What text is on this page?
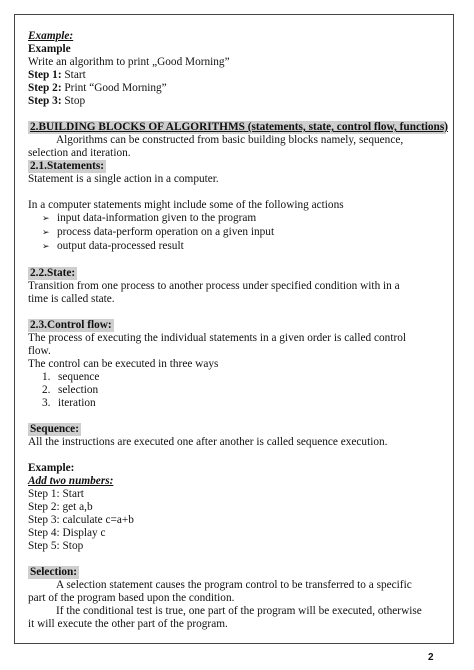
Example:
Example
Write an algorithm to print „Good Morning”
Step 1: Start
Step 2: Print “Good Morning”
Step 3: Stop
2.BUILDING BLOCKS OF ALGORITHMS (statements, state, control flow, functions)
Algorithms can be constructed from basic building blocks namely, sequence,
selection and iteration.
2.1.Statements:
Statement is a single action in a computer.
In a computer statements might include some of the following actions
➢ input data-information given to the program
➢ process data-perform operation on a given input
➢ output data-processed result
2.2.State:
Transition from one process to another process under specified condition with in a
time is called state.
2.3.Control flow:
The process of executing the individual statements in a given order is called control
flow.
The control can be executed in three ways
1. sequence
2. selection
3. iteration
Sequence:
All the instructions are executed one after another is called sequence execution.
Example:
Add two numbers:
Step 1: Start
Step 2: get a,b
Step 3: calculate c=a+b
Step 4: Display c
Step 5: Stop
Selection:
A selection statement causes the program control to be transferred to a specific
part of the program based upon the condition.
If the conditional test is true, one part of the program will be executed, otherwise
it will execute the other part of the program.
2
